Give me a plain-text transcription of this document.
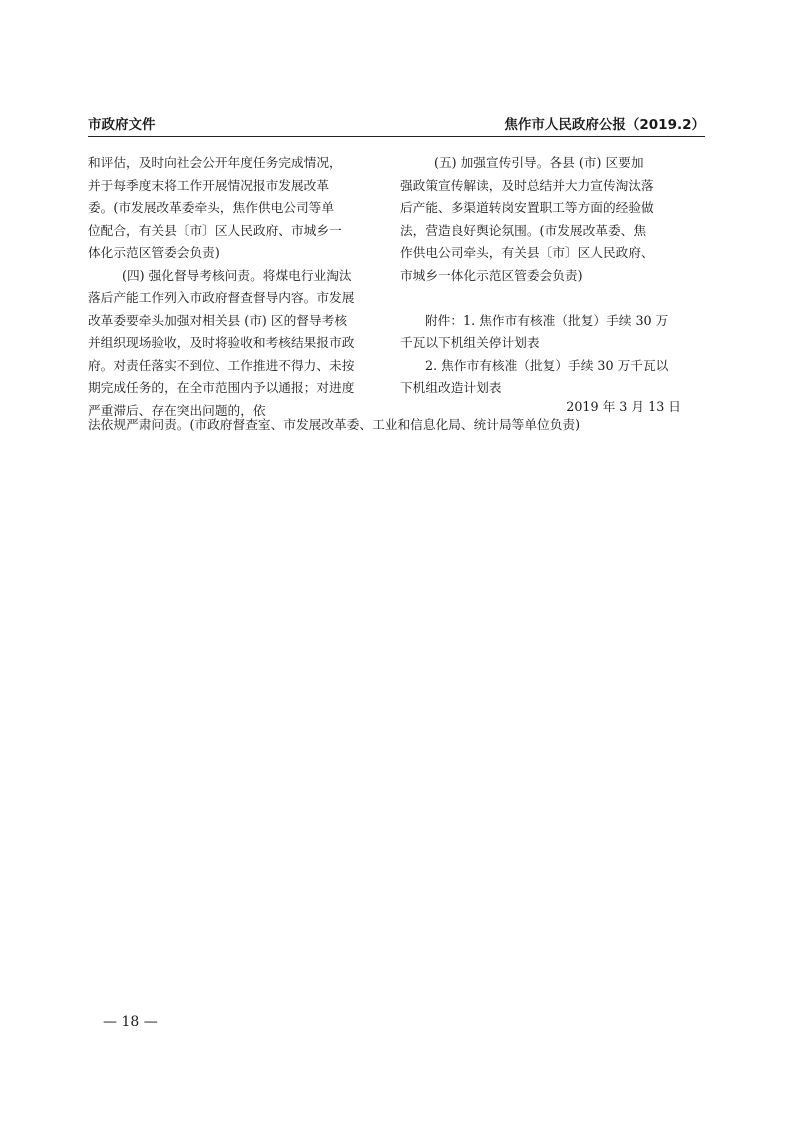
市政府文件	焦作市人民政府公报（2019.2）
和评估，及时向社会公开年度任务完成情况，
并于每季度末将工作开展情况报市发展改革
委。(市发展改革委牵头，焦作供电公司等单
位配合，有关县〔市〕区人民政府、市城乡一
体化示范区管委会负责)
(四) 强化督导考核问责。将煤电行业淘汰
落后产能工作列入市政府督查督导内容。市发展
改革委要牵头加强对相关县 (市) 区的督导考核
并组织现场验收，及时将验收和考核结果报市政
府。对责任落实不到位、工作推进不得力、未按
期完成任务的，在全市范围内予以通报；对进度
严重滞后、存在突出问题的，依
(五) 加强宣传引导。各县 (市) 区要加
强政策宣传解读，及时总结并大力宣传淘汰落
后产能、多渠道转岗安置职工等方面的经验做
法，营造良好舆论氛围。(市发展改革委、焦
作供电公司牵头，有关县〔市〕区人民政府、
市城乡一体化示范区管委会负责)
附件：1. 焦作市有核准（批复）手续 30 万
千瓦以下机组关停计划表
2. 焦作市有核准（批复）手续 30 万千瓦以
下机组改造计划表
2019 年 3 月 13 日
法依规严肃问责。(市政府督查室、市发展改革委、工业和信息化局、统计局等单位负责)
— 18 —
